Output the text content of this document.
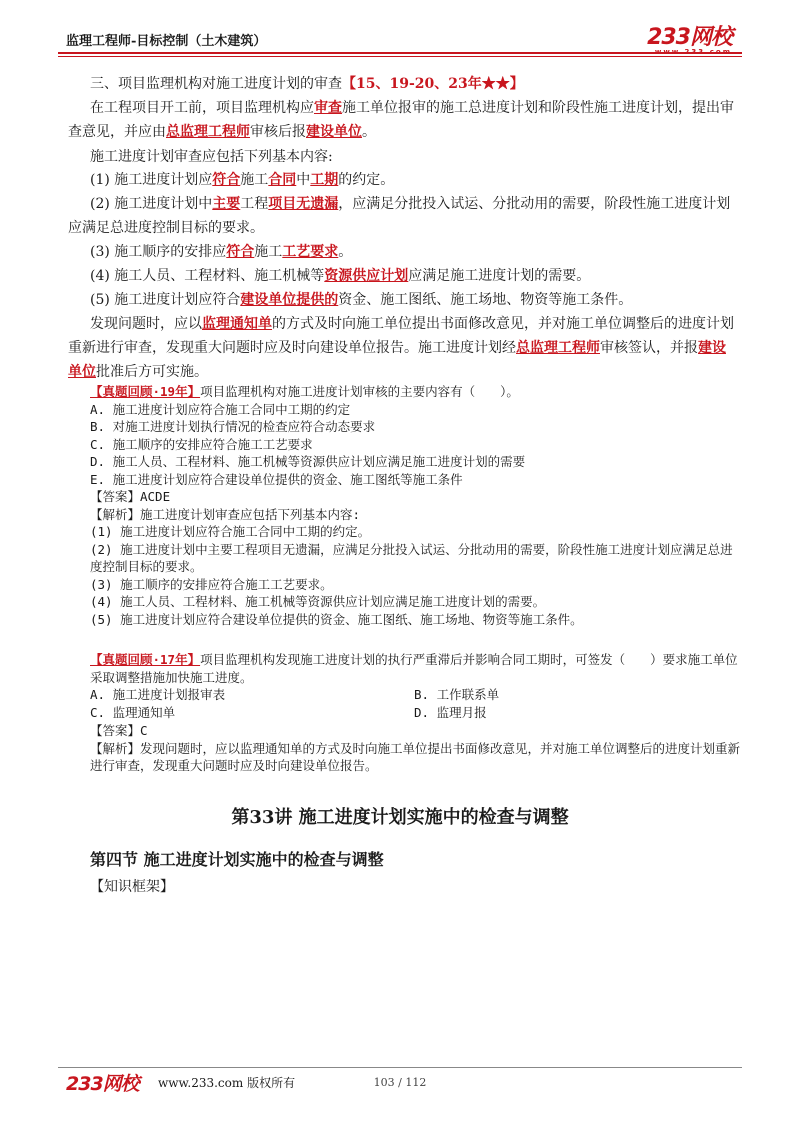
监理工程师-目标控制（土木建筑）	233网校
www.233.com

三、项目监理机构对施工进度计划的审查【15、19-20、23年★★】

在工程项目开工前，项目监理机构应审查施工单位报审的施工总进度计划和阶段性施工进度计划，提出审查意见，并应由总监理工程师审核后报建设单位。

施工进度计划审查应包括下列基本内容:

(1) 施工进度计划应符合施工合同中工期的约定。

(2) 施工进度计划中主要工程项目无遗漏，应满足分批投入试运、分批动用的需要，阶段性施工进度计划应满足总进度控制目标的要求。

(3) 施工顺序的安排应符合施工工艺要求。

(4) 施工人员、工程材料、施工机械等资源供应计划应满足施工进度计划的需要。

(5) 施工进度计划应符合建设单位提供的资金、施工图纸、施工场地、物资等施工条件。

发现问题时，应以监理通知单的方式及时向施工单位提出书面修改意见，并对施工单位调整后的进度计划重新进行审查，发现重大问题时应及时向建设单位报告。施工进度计划经总监理工程师审核签认，并报建设单位批准后方可实施。

【真题回顾·19年】项目监理机构对施工进度计划审核的主要内容有（　　）。
A. 施工进度计划应符合施工合同中工期的约定
B. 对施工进度计划执行情况的检查应符合动态要求
C. 施工顺序的安排应符合施工工艺要求
D. 施工人员、工程材料、施工机械等资源供应计划应满足施工进度计划的需要
E. 施工进度计划应符合建设单位提供的资金、施工图纸等施工条件
【答案】ACDE
【解析】施工进度计划审查应包括下列基本内容:
(1) 施工进度计划应符合施工合同中工期的约定。
(2) 施工进度计划中主要工程项目无遗漏，应满足分批投入试运、分批动用的需要，阶段性施工进度计划应满足总进度控制目标的要求。
(3) 施工顺序的安排应符合施工工艺要求。
(4) 施工人员、工程材料、施工机械等资源供应计划应满足施工进度计划的需要。
(5) 施工进度计划应符合建设单位提供的资金、施工图纸、施工场地、物资等施工条件。
【真题回顾·17年】项目监理机构发现施工进度计划的执行严重滞后并影响合同工期时，可签发（　　）要求施工单位采取调整措施加快施工进度。
A. 施工进度计划报审表	B. 工作联系单
C. 监理通知单	D. 监理月报
【答案】C
【解析】发现问题时，应以监理通知单的方式及时向施工单位提出书面修改意见，并对施工单位调整后的进度计划重新进行审查，发现重大问题时应及时向建设单位报告。
第33讲 施工进度计划实施中的检查与调整
第四节 施工进度计划实施中的检查与调整
【知识框架】
233网校 www.233.com 版权所有	103 / 112
